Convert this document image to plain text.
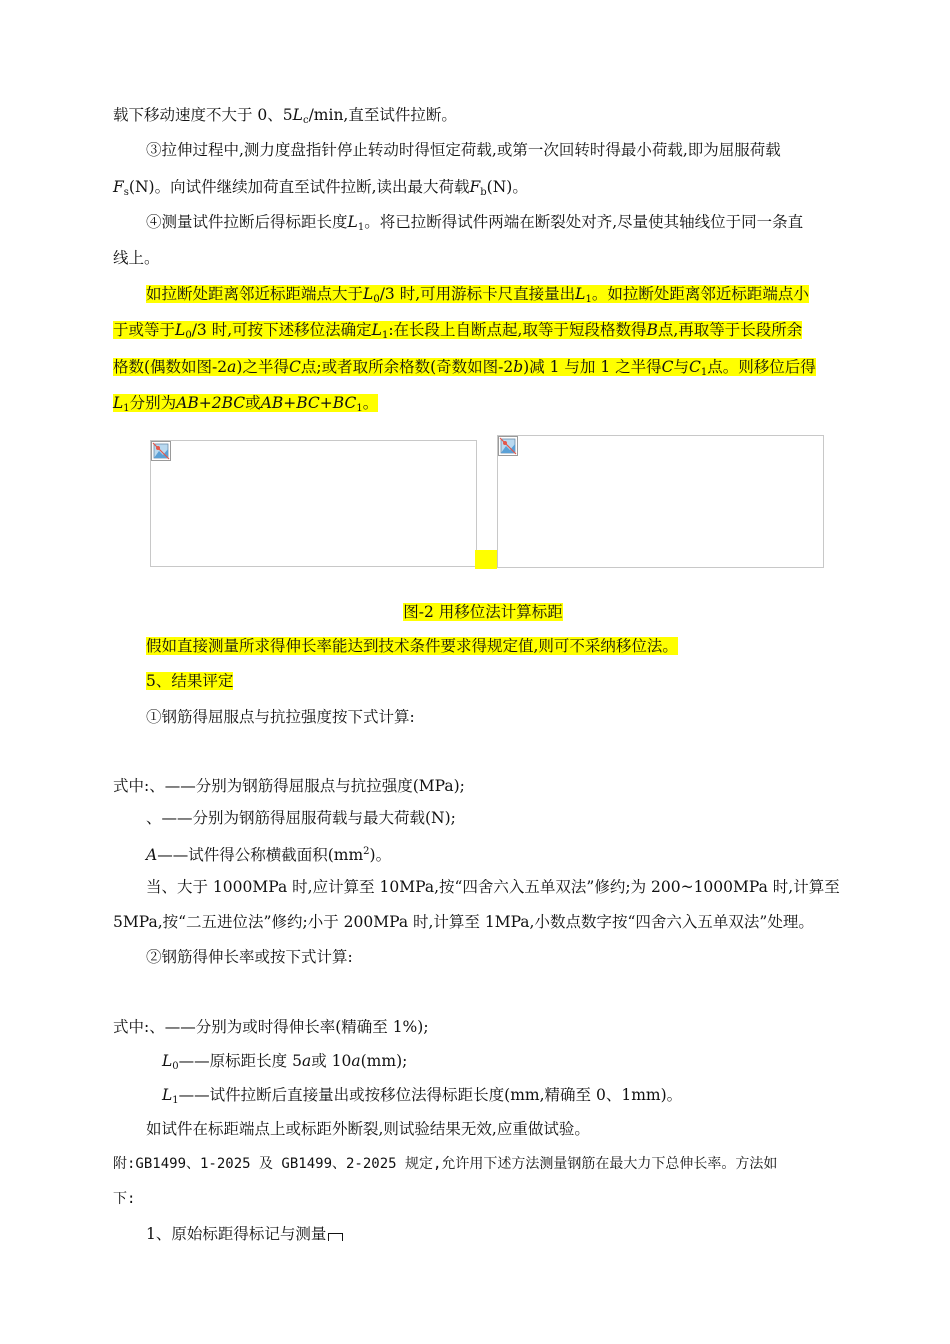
载下移动速度不大于 0、$5L_c/\min$,直至试件拉断。
③拉伸过程中,测力度盘指针停止转动时得恒定荷载,或第一次回转时得最小荷载,即为屈服荷载
$F_s(N)$。向试件继续加荷直至试件拉断,读出最大荷载$F_b(N)$。
④测量试件拉断后得标距长度$L_1$。将已拉断得试件两端在断裂处对齐,尽量使其轴线位于同一条直
线上。
如拉断处距离邻近标距端点大于$L_0/3$ 时,可用游标卡尺直接量出$L_1$。如拉断处距离邻近标距端点小
于或等于$L_0/3$ 时,可按下述移位法确定$L_1$:在长段上自断点起,取等于短段格数得B点,再取等于长段所余
格数(偶数如图-2a)之半得C点;或者取所余格数(奇数如图-2b)减 1 与加 1 之半得C与$C_1$点。则移位后得
$L_1$分别为AB+2BC或$AB+BC+BC_1$。
图-2 用移位法计算标距
假如直接测量所求得伸长率能达到技术条件要求得规定值,则可不采纳移位法。
5、结果评定
①钢筋得屈服点与抗拉强度按下式计算:
式中:、——分别为钢筋得屈服点与抗拉强度(MPa);
、——分别为钢筋得屈服荷载与最大荷载(N);
A——试件得公称横截面积$(mm^2)$。
当、大于 1000MPa 时,应计算至 10MPa,按“四舍六入五单双法”修约;为 200~1000MPa 时,计算至
5MPa,按“二五进位法”修约;小于 200MPa 时,计算至 1MPa,小数点数字按“四舍六入五单双法”处理。
②钢筋得伸长率或按下式计算:
式中:、——分别为或时得伸长率(精确至 1%);
$L_0——$原标距长度 5a或 10a(mm);
$L_1——$试件拉断后直接量出或按移位法得标距长度(mm,精确至 0、1mm)。
如试件在标距端点上或标距外断裂,则试验结果无效,应重做试验。
附:GB1499、1-2025 及 GB1499、2-2025 规定,允许用下述方法测量钢筋在最大力下总伸长率。方法如
下:
1、原始标距得标记与测量
